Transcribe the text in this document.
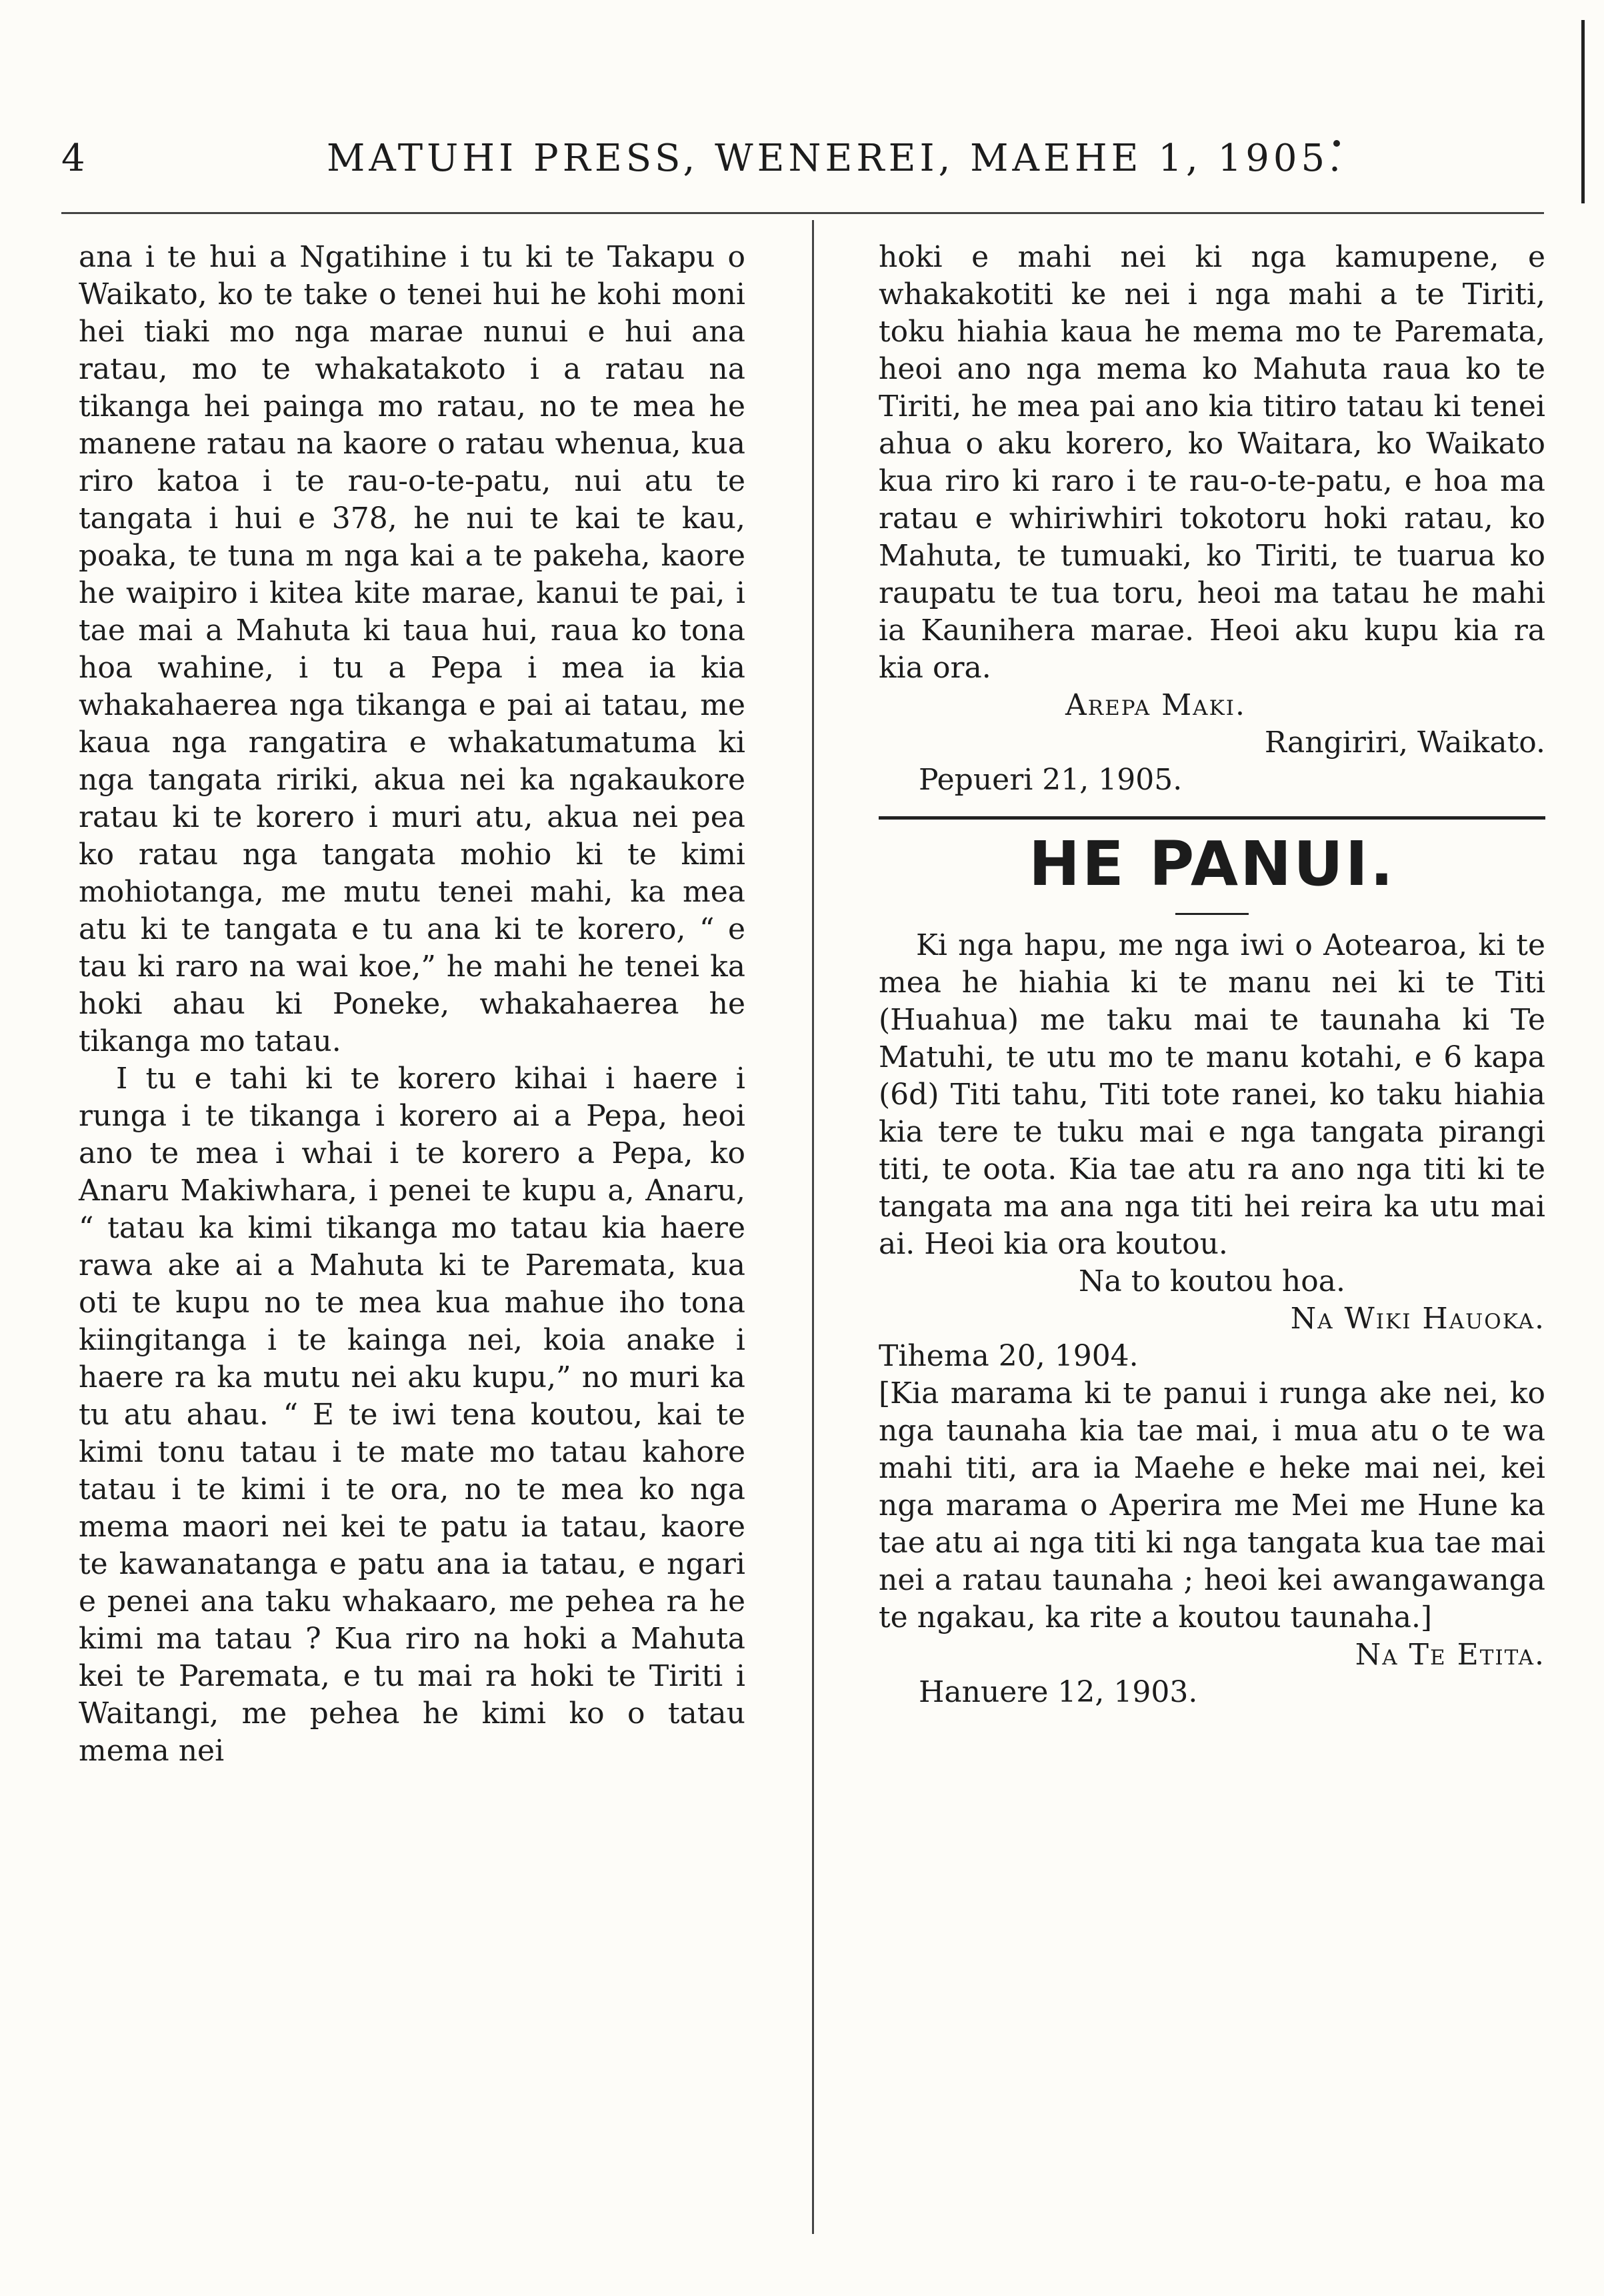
4	MATUHI PRESS, WENEREI, MAEHE 1, 1905.

ana i te hui a Ngatihine i tu ki te Takapu o Waikato, ko te take o tenei hui he kohi moni hei tiaki mo nga marae nunui e hui ana ratau, mo te whakatakoto i a ratau na tikanga hei painga mo ratau, no te mea he manene ratau na kaore o ratau whenua, kua riro katoa i te rau-o-te-patu, nui atu te tangata i hui e 378, he nui te kai te kau, poaka, te tuna m nga kai a te pakeha, kaore he waipiro i kitea kite marae, kanui te pai, i tae mai a Mahuta ki taua hui, raua ko tona hoa wahine, i tu a Pepa i mea ia kia whakahaerea nga tikanga e pai ai tatau, me kaua nga rangatira e whakatumatuma ki nga tangata ririki, akua nei ka ngakaukore ratau ki te korero i muri atu, akua nei pea ko ratau nga tangata mohio ki te kimi mohiotanga, me mutu tenei mahi, ka mea atu ki te tangata e tu ana ki te korero, “ e tau ki raro na wai koe,” he mahi he tenei ka hoki ahau ki Poneke, whakahaerea he tikanga mo tatau.

I tu e tahi ki te korero kihai i haere i runga i te tikanga i korero ai a Pepa, heoi ano te mea i whai i te korero a Pepa, ko Anaru Makiwhara, i penei te kupu a, Anaru, “ tatau ka kimi tikanga mo tatau kia haere rawa ake ai a Mahuta ki te Paremata, kua oti te kupu no te mea kua mahue iho tona kiingitanga i te kainga nei, koia anake i haere ra ka mutu nei aku kupu,” no muri ka tu atu ahau. “ E te iwi tena koutou, kai te kimi tonu tatau i te mate mo tatau kahore tatau i te kimi i te ora, no te mea ko nga mema maori nei kei te patu ia tatau, kaore te kawanatanga e patu ana ia tatau, e ngari e penei ana taku whakaaro, me pehea ra he kimi ma tatau ? Kua riro na hoki a Mahuta kei te Paremata, e tu mai ra hoki te Tiriti i Waitangi, me pehea he kimi ko o tatau mema nei

hoki e mahi nei ki nga kamupene, e whakakotiti ke nei i nga mahi a te Tiriti, toku hiahia kaua he mema mo te Paremata, heoi ano nga mema ko Mahuta raua ko te Tiriti, he mea pai ano kia titiro tatau ki tenei ahua o aku korero, ko Waitara, ko Waikato kua riro ki raro i te rau-o-te-patu, e hoa ma ratau e whiriwhiri tokotoru hoki ratau, ko Mahuta, te tumuaki, ko Tiriti, te tuarua ko raupatu te tua toru, heoi ma tatau he mahi ia Kaunihera marae. Heoi aku kupu kia ra kia ora.

Arepa Maki.

Rangiriri, Waikato.

Pepueri 21, 1905.

HE PANUI.

Ki nga hapu, me nga iwi o Aotearoa, ki te mea he hiahia ki te manu nei ki te Titi (Huahua) me taku mai te taunaha ki Te Matuhi, te utu mo te manu kotahi, e 6 kapa (6d) Titi tahu, Titi tote ranei, ko taku hiahia kia tere te tuku mai e nga tangata pirangi titi, te oota. Kia tae atu ra ano nga titi ki te tangata ma ana nga titi hei reira ka utu mai ai. Heoi kia ora koutou.

Na to koutou hoa.

Na Wiki Hauoka.

Tihema 20, 1904.

[Kia marama ki te panui i runga ake nei, ko nga taunaha kia tae mai, i mua atu o te wa mahi titi, ara ia Maehe e heke mai nei, kei nga marama o Aperira me Mei me Hune ka tae atu ai nga titi ki nga tangata kua tae mai nei a ratau taunaha ; heoi kei awangawanga te ngakau, ka rite a koutou taunaha.]

Na Te Etita.

Hanuere 12, 1903.
